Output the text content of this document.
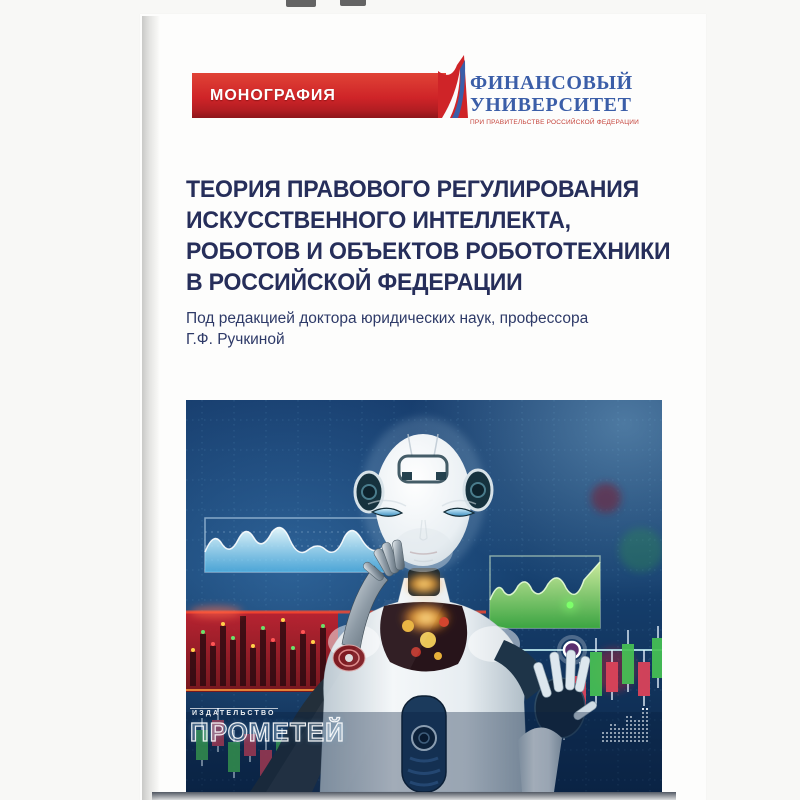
МОНОГРАФИЯ
ФИНАНСОВЫЙ
УНИВЕРСИТЕТ
ПРИ ПРАВИТЕЛЬСТВЕ РОССИЙСКОЙ ФЕДЕРАЦИИ
ТЕОРИЯ ПРАВОВОГО РЕГУЛИРОВАНИЯ
ИСКУССТВЕННОГО ИНТЕЛЛЕКТА,
РОБОТОВ И ОБЪЕКТОВ РОБОТОТЕХНИКИ
В РОССИЙСКОЙ ФЕДЕРАЦИИ
Под редакцией доктора юридических наук, профессора
Г.Ф. Ручкиной
ИЗДАТЕЛЬСТВО
ПРОМЕТЕЙ
